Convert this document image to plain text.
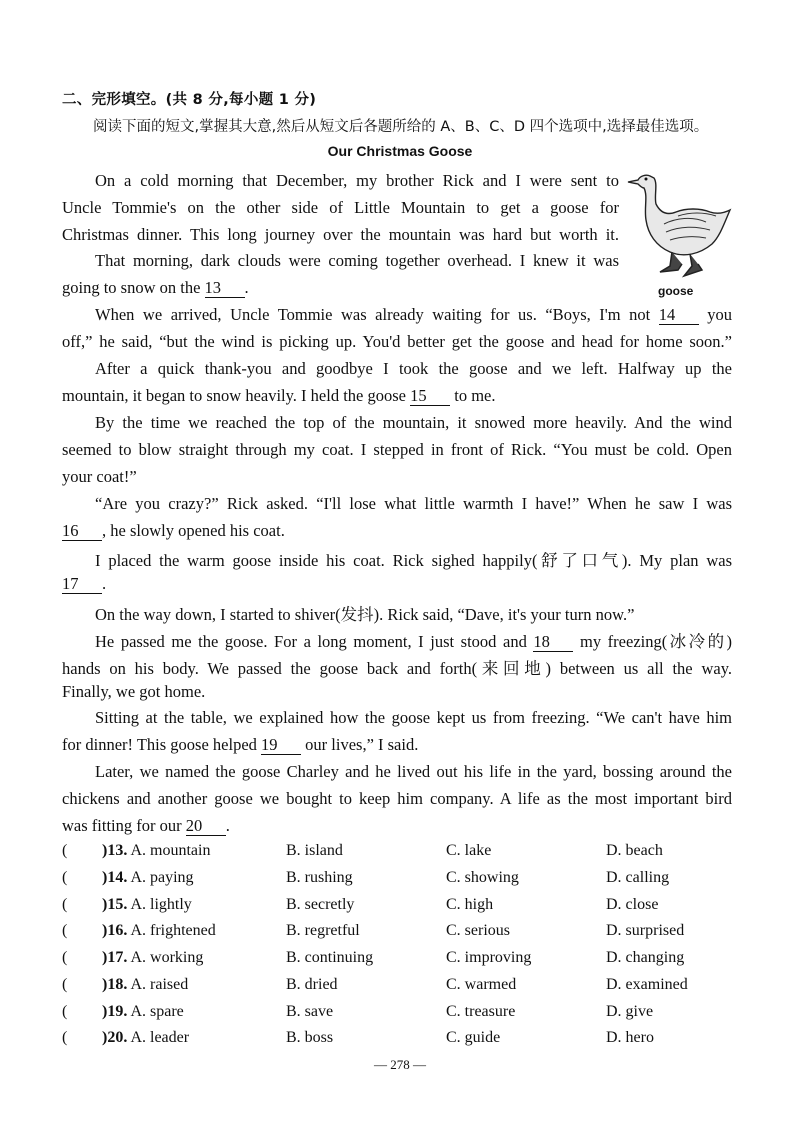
二、完形填空。(共 8 分,每小题 1 分)
阅读下面的短文,掌握其大意,然后从短文后各题所给的 A、B、C、D 四个选项中,选择最佳选项。
Our Christmas Goose
On a cold morning that December, my brother Rick and I were sent to
Uncle Tommie's on the other side of Little Mountain to get a goose for
Christmas dinner. This long journey over the mountain was hard but worth it.
That morning, dark clouds were coming together overhead. I knew it was
going to snow on the 13 .	goose
When we arrived, Uncle Tommie was already waiting for us. “Boys, I'm not 14 you
off,” he said, “but the wind is picking up. You'd better get the goose and head for home soon.”
After a quick thank-you and goodbye I took the goose and we left. Halfway up the
mountain, it began to snow heavily. I held the goose 15 to me.
By the time we reached the top of the mountain, it snowed more heavily. And the wind
seemed to blow straight through my coat. I stepped in front of Rick. “You must be cold. Open
your coat!”
“Are you crazy?” Rick asked. “I'll lose what little warmth I have!” When he saw I was
16 , he slowly opened his coat.
I placed the warm goose inside his coat. Rick sighed happily(舒了口气). My plan was
17 .
On the way down, I started to shiver(发抖). Rick said, “Dave, it's your turn now.”
He passed me the goose. For a long moment, I just stood and 18 my freezing(冰冷的)
hands on his body. We passed the goose back and forth(来回地) between us all the way.
Finally, we got home.
Sitting at the table, we explained how the goose kept us from freezing. “We can't have him
for dinner! This goose helped 19 our lives,” I said.
Later, we named the goose Charley and he lived out his life in the yard, bossing around the
chickens and another goose we bought to keep him company. A life as the most important bird
was fitting for our 20 .
( )13. A. mountain	B. island	C. lake	D. beach
( )14. A. paying	B. rushing	C. showing	D. calling
( )15. A. lightly	B. secretly	C. high	D. close
( )16. A. frightened	B. regretful	C. serious	D. surprised
( )17. A. working	B. continuing	C. improving	D. changing
( )18. A. raised	B. dried	C. warmed	D. examined
( )19. A. spare	B. save	C. treasure	D. give
( )20. A. leader	B. boss	C. guide	D. hero
— 278 —
